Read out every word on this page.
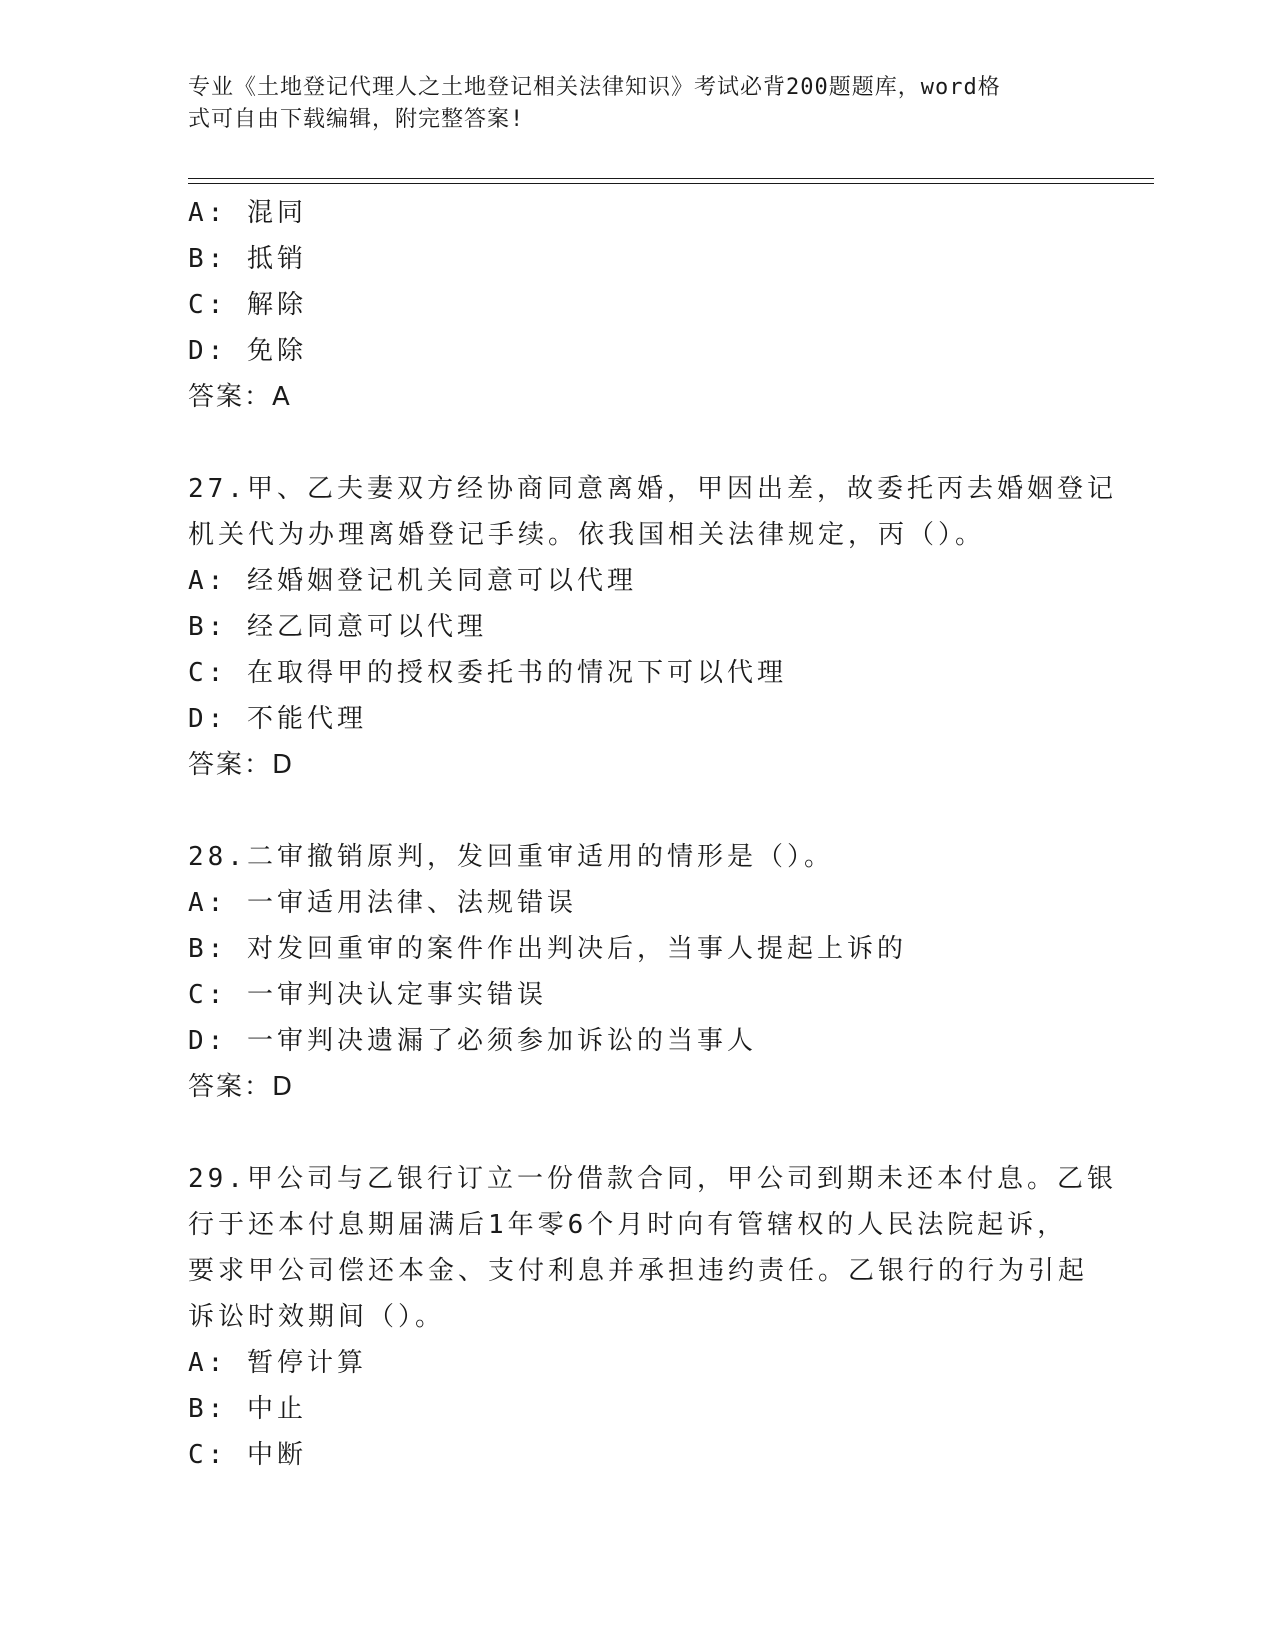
专业《土地登记代理人之土地登记相关法律知识》考试必背200题题库，word格
式可自由下载编辑，附完整答案!
A: 混同
B: 抵销
C: 解除
D: 免除
答案：A
27.甲、乙夫妻双方经协商同意离婚，甲因出差，故委托丙去婚姻登记
机关代为办理离婚登记手续。依我国相关法律规定，丙（）。
A: 经婚姻登记机关同意可以代理
B: 经乙同意可以代理
C: 在取得甲的授权委托书的情况下可以代理
D: 不能代理
答案：D
28.二审撤销原判，发回重审适用的情形是（）。
A: 一审适用法律、法规错误
B: 对发回重审的案件作出判决后，当事人提起上诉的
C: 一审判决认定事实错误
D: 一审判决遗漏了必须参加诉讼的当事人
答案：D
29.甲公司与乙银行订立一份借款合同，甲公司到期未还本付息。乙银
行于还本付息期届满后1年零6个月时向有管辖权的人民法院起诉，
要求甲公司偿还本金、支付利息并承担违约责任。乙银行的行为引起
诉讼时效期间（）。
A: 暂停计算
B: 中止
C: 中断
